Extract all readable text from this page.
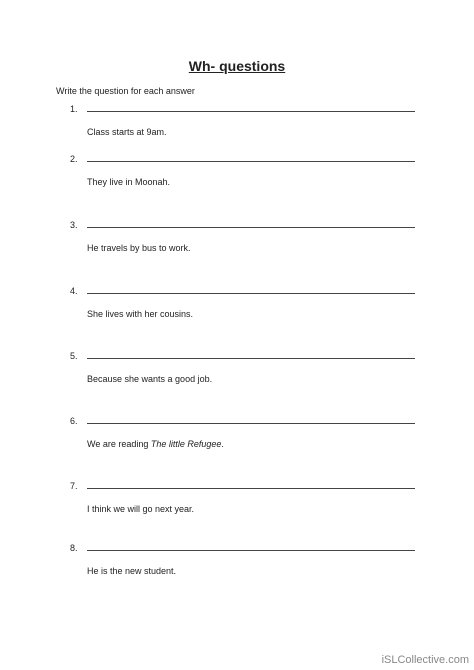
Wh- questions
Write the question for each answer
1.
Class starts at 9am.
2.
They live in Moonah.
3.
He travels by bus to work.
4.
She lives with her cousins.
5.
Because she wants a good job.
6.
We are reading The little Refugee.
7.
I think we will go next year.
8.
He is the new student.
iSLCollective.com
